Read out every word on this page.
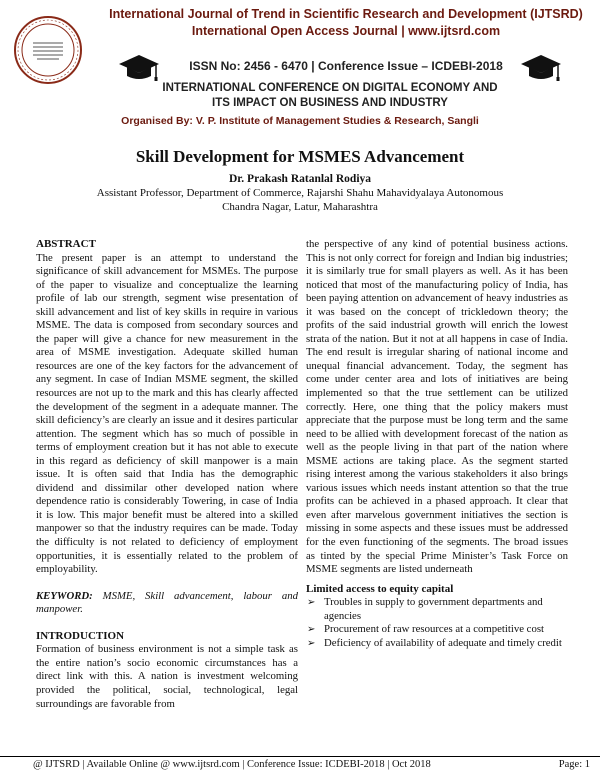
International Journal of Trend in Scientific Research and Development (IJTSRD)
International Open Access Journal | www.ijtsrd.com
ISSN No: 2456 - 6470 | Conference Issue – ICDEBI-2018
INTERNATIONAL CONFERENCE ON DIGITAL ECONOMY AND
ITS IMPACT ON BUSINESS AND INDUSTRY
Organised By: V. P. Institute of Management Studies & Research, Sangli
Skill Development for MSMES Advancement
Dr. Prakash Ratanlal Rodiya
Assistant Professor, Department of Commerce, Rajarshi Shahu Mahavidyalaya Autonomous
Chandra Nagar, Latur, Maharashtra

ABSTRACT

The present paper is an attempt to understand the significance of skill advancement for MSMEs. The purpose of the paper to visualize and conceptualize the learning profile of lab our strength, segment wise presentation of skill advancement and list of key skills in require in various MSME. The data is composed from secondary sources and the paper will give a chance for new measurement in the area of MSME investigation. Adequate skilled human resources are one of the key factors for the advancement of any segment. In case of Indian MSME segment, the skilled resources are not up to the mark and this has clearly affected the development of the segment in a adequate manner. The skill deficiency’s are clearly an issue and it desires particular attention. The segment which has so much of possible in terms of employment creation but it has not able to execute in this regard as deficiency of skill manpower is a main issue. It is often said that India has the demographic dividend and dissimilar other developed nation where dependence ratio is considerably Towering, in case of India it is low. This major benefit must be altered into a skilled manpower so that the industry requires can be made. Today the difficulty is not related to deficiency of employment opportunities, it is essentially related to the problem of employability.

KEYWORD: MSME, Skill advancement, labour and manpower.

INTRODUCTION

Formation of business environment is not a simple task as the entire nation’s socio economic circumstances has a direct link with this. A nation is investment welcoming provided the political, social, technological, legal surroundings are favorable from

the perspective of any kind of potential business actions. This is not only correct for foreign and Indian big industries; it is similarly true for small players as well. As it has been noticed that most of the manufacturing policy of India, has been paying attention on advancement of heavy industries as it was based on the concept of trickledown theory; the profits of the said industrial growth will enrich the lowest strata of the nation. But it not at all happens in case of India. The end result is irregular sharing of national income and unequal financial advancement. Today, the segment has come under center area and lots of initiatives are being implemented so that the true settlement can be utilized correctly. Here, one thing that the policy makers must appreciate that the purpose must be long term and the same need to be allied with development forecast of the nation as well as the people living in that part of the nation where MSME actions are taking place. As the segment started rising interest among the various stakeholders it also brings various issues which needs instant attention so that the true profits can be achieved in a phased approach. It clear that even after marvelous government initiatives the section is missing in some aspects and these issues must be addressed for the even functioning of the segments. The broad issues as tinted by the special Prime Minister’s Task Force on MSME segments are listed underneath

Limited access to equity capital

➢ Troubles in supply to government departments and agencies
➢ Procurement of raw resources at a competitive cost
➢ Deficiency of availability of adequate and timely credit
@ IJTSRD | Available Online @ www.ijtsrd.com | Conference Issue: ICDEBI-2018 | Oct 2018	Page: 1
